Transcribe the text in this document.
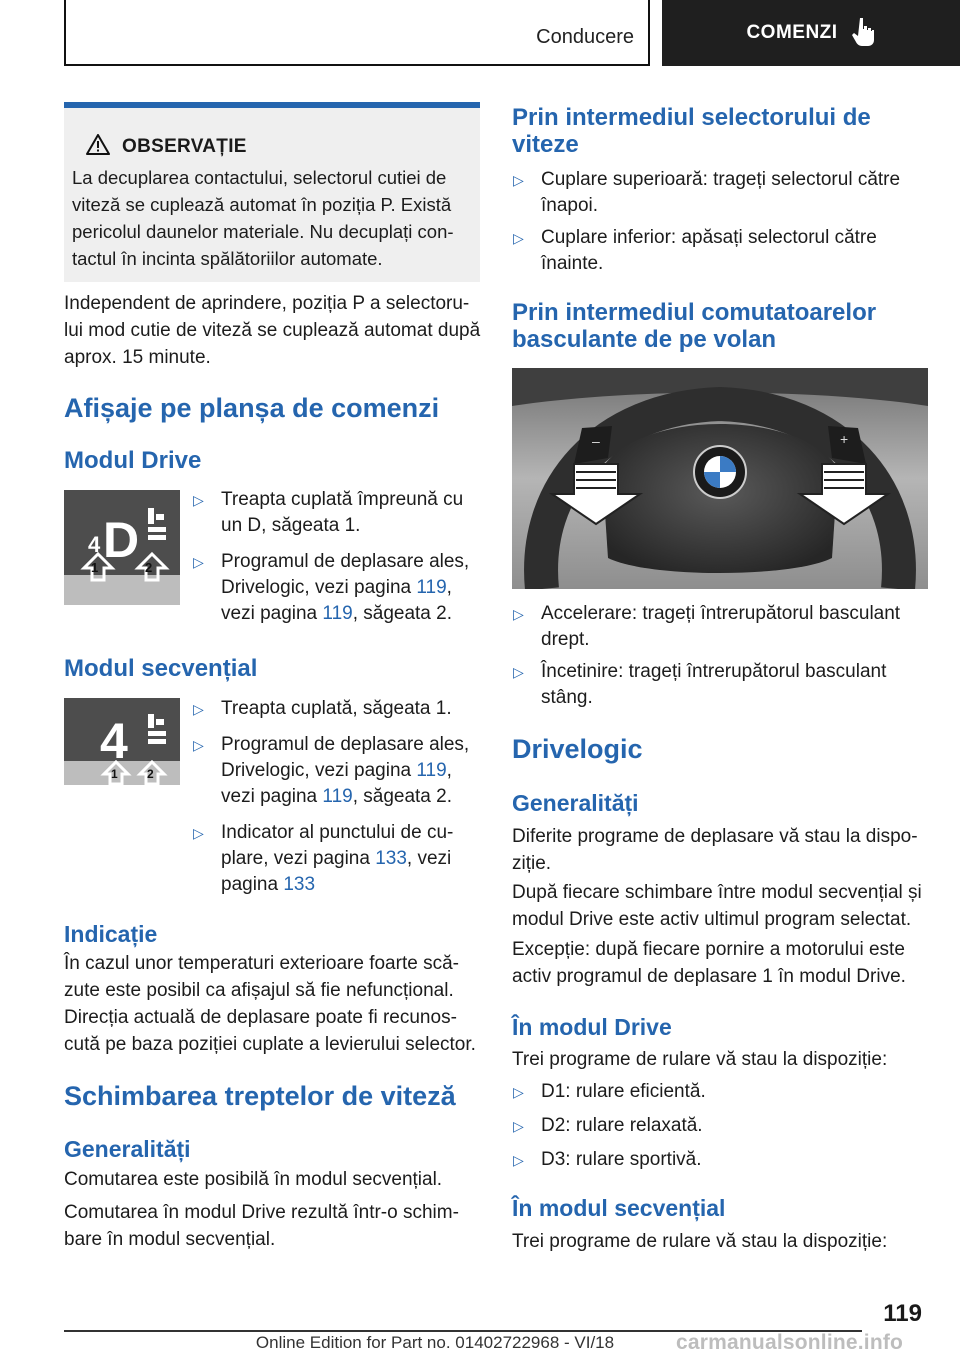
Conducere	COMENZI
OBSERVAȚIE
La decuplarea contactului, selectorul cutiei de
viteză se cuplează automat în poziția P. Există
pericolul daunelor materiale. Nu decuplați con‐
tactul în incinta spălătoriilor automate.
Independent de aprindere, poziția P a selectoru‐
lui mod cutie de viteză se cuplează automat după
aprox. 15 minute.
Afișaje pe planșa de comenzi
Modul Drive
4 D
1	2
▷ Treapta cuplată împreună cu
un D, săgeata 1.
▷ Programul de deplasare ales,
Drivelogic, vezi pagina 119,
vezi pagina 119, săgeata 2.
Modul secvențial
4
1 2
▷ Treapta cuplată, săgeata 1.
▷ Programul de deplasare ales,
Drivelogic, vezi pagina 119,
vezi pagina 119, săgeata 2.
▷ Indicator al punctului de cu‐
plare, vezi pagina 133, vezi
pagina 133
Indicație
În cazul unor temperaturi exterioare foarte scă‐
zute este posibil ca afișajul să fie nefuncțional.
Direcția actuală de deplasare poate fi recunos‐
cută pe baza poziției cuplate a levierului selector.
Schimbarea treptelor de viteză
Generalități
Comutarea este posibilă în modul secvențial.
Comutarea în modul Drive rezultă într-o schim‐
bare în modul secvențial.
Prin intermediul selectorului de
viteze
▷ Cuplare superioară: trageți selectorul către
înapoi.
▷ Cuplare inferior: apăsați selectorul către
înainte.
Prin intermediul comutatoarelor
basculante de pe volan
–	+
▷ Accelerare: trageți întrerupătorul basculant
drept.
▷ Încetinire: trageți întrerupătorul basculant
stâng.
Drivelogic
Generalități
Diferite programe de deplasare vă stau la dispo‐
ziție.
După fiecare schimbare între modul secvențial și
modul Drive este activ ultimul program selectat.
Excepție: după fiecare pornire a motorului este
activ programul de deplasare 1 în modul Drive.
În modul Drive
Trei programe de rulare vă stau la dispoziție:
▷ D1: rulare eficientă.
▷ D2: rulare relaxată.
▷ D3: rulare sportivă.
În modul secvențial
Trei programe de rulare vă stau la dispoziție:
119
Online Edition for Part no. 01402722968 - VI/18	carmanualsonline.info
